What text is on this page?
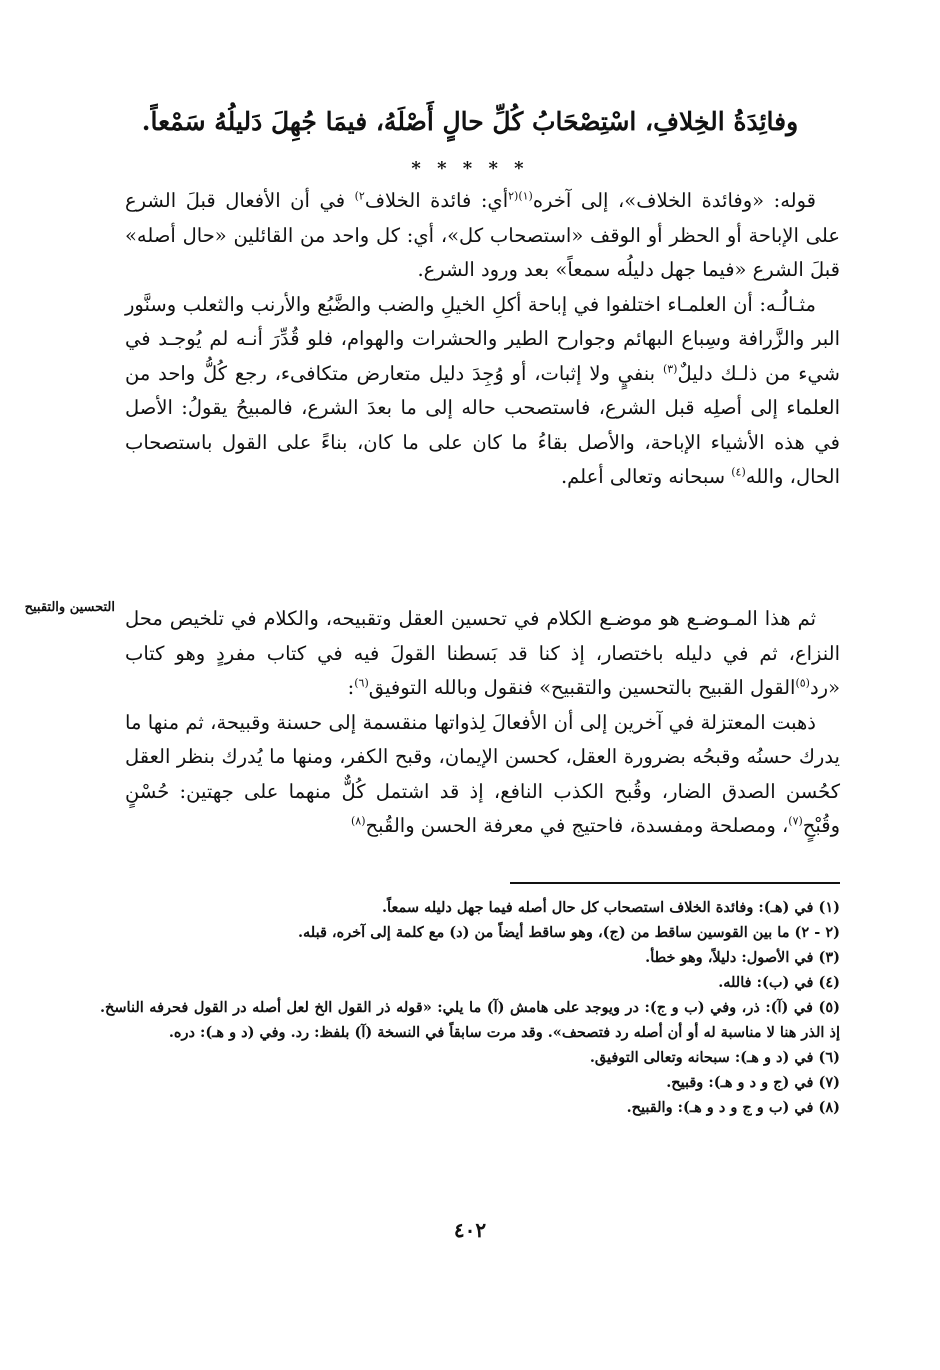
وفائِدَةُ الخِلافِ، اسْتِصْحَابُ كُلِّ حالٍ أَصْلَهُ، فيمَا جُهِلَ دَليلُهُ سَمْعاً.

* * * * *

قوله: «وفائدة الخلاف»، إلى آخره$^{(١)(٢}$أي: فائدة الخلاف$^{٢)}$ في أن الأفعال قبلَ الشرع على الإباحة أو الحظر أو الوقف «استصحاب كل»، أي: كل واحد من القائلين «حال أصله» قبلَ الشرع «فيما جهل دليلُه سمعاً» بعد ورود الشرع.

مثـالُـه: أن العلمـاء اختلفوا في إباحة أكلِ الخيلِ والضب والضَّبُع والأرنب والثعلب وسنَّور البر والزَّرافة وسِباع البهائم وجوارح الطير والحشرات والهوام، فلو قُدِّرَ أنـه لم يُوجـد في شيء من ذلـك دليلٌ$^{(٣)}$ بنفيٍ ولا إثبات، أو وُجِدَ دليل متعارض متكافىء، رجع كُلُّ واحد من العلماء إلى أصلِه قبل الشرع، فاستصحب حاله إلى ما بعدَ الشرع، فالمبيحُ يقولُ: الأصل في هذه الأشياء الإباحة، والأصل بقاءُ ما كان على ما كان، بناءً على القول باستصحاب الحال، والله$^{(٤)}$ سبحانه وتعالى أعلم.

التحسين والتقبيح ثم هذا المـوضـع هو موضـع الكلام في تحسين العقل وتقبيحه، والكلام في تلخيص محل النزاع، ثم في دليله باختصار، إذ كنا قد بَسطنا القولَ فيه في كتاب مفردٍ وهو كتاب «رد$^{(٥)}$القول القبيح بالتحسين والتقبيح» فنقول وبالله التوفيق$^{(٦)}$:

ذهبت المعتزلة في آخرين إلى أن الأفعالَ لِذواتها منقسمة إلى حسنة وقبيحة، ثم منها ما يدرك حسنُه وقبحُه بضرورة العقل، كحسن الإيمان، وقبح الكفر، ومنها ما يُدرك بنظر العقل كحُسن الصدق الضار، وقُبح الكذب النافع، إذ قد اشتمل كُلٌّ منهما على جهتين: حُسْنٍ وقُبْحٍ$^{(٧)}$، ومصلحة ومفسدة، فاحتيج في معرفة الحسن والقُبح$^{(٨)}$

(١) في (هـ): وفائدة الخلاف استصحاب كل حال أصله فيما جهل دليله سمعاً.
(٢ - ٢) ما بين القوسين ساقط من (ج)، وهو ساقط أيضاً من (د) مع كلمة إلى آخره، قبله.
(٣) في الأصول: دليلاً، وهو خطأ.
(٤) في (ب): فالله.
(٥) في (آ): ذر، وفي (ب و ج): در ويوجد على هامش (آ) ما يلي: «قوله ذر القول الخ لعل أصله در القول فحرفه الناسخ. إذ الذر هنا لا مناسبة له أو أن أصله رد فتصحف». وقد مرت سابقاً في النسخة (آ) بلفظ: رد. وفي (د و هـ): دره.
(٦) في (د و هـ): سبحانه وتعالى التوفيق.
(٧) في (ج و د و هـ): وقبيح.
(٨) في (ب و ج و د و هـ): والقبيح.
٤٠٢
